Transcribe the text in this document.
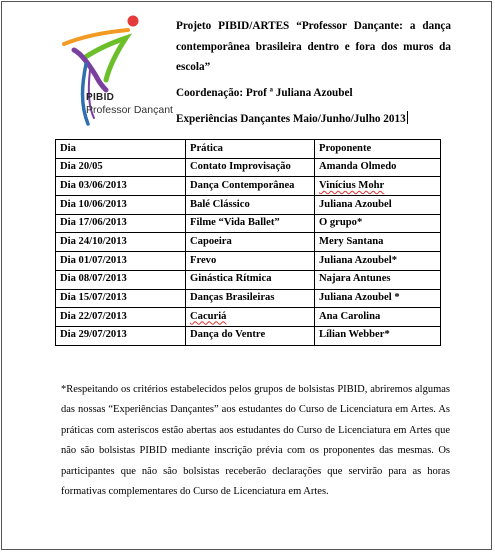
PIBID
Professor Dançant

Projeto PIBID/ARTES “Professor Dançante: a dança contemporânea brasileira dentro e fora dos muros da escola”

Coordenação: Prof ª Juliana Azoubel
Experiências Dançantes Maio/Junho/Julho 2013
Dia	Prática	Proponente
Dia 20/05	Contato Improvisação	Amanda Olmedo
Dia 03/06/2013	Dança Contemporânea	Vinícius Mohr
Dia 10/06/2013	Balé Clássico	Juliana Azoubel
Dia 17/06/2013	Filme “Vida Ballet”	O grupo*
Dia 24/10/2013	Capoeira	Mery Santana
Dia 01/07/2013	Frevo	Juliana Azoubel*
Dia 08/07/2013	Ginástica Rítmica	Najara Antunes
Dia 15/07/2013	Danças Brasileiras	Juliana Azoubel *
Dia 22/07/2013	Cacuriá	Ana Carolina
Dia 29/07/2013	Dança do Ventre	Lílian Webber*
*Respeitando os critérios estabelecidos pelos grupos de bolsistas PIBID, abriremos algumas das nossas “Experiências Dançantes” aos estudantes do Curso de Licenciatura em Artes. As práticas com asteriscos estão abertas aos estudantes do Curso de Licenciatura em Artes que não são bolsistas PIBID mediante inscrição prévia com os proponentes das mesmas. Os participantes que não são bolsistas receberão declarações que servirão para as horas formativas complementares do Curso de Licenciatura em Artes.
